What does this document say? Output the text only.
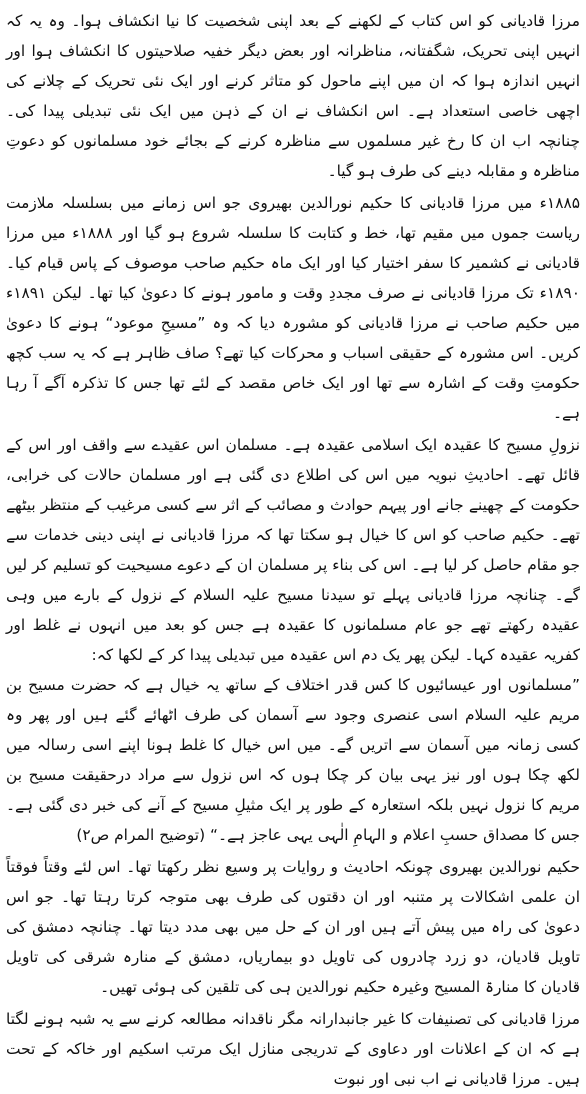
مرزا قادیانی کو اس کتاب کے لکھنے کے بعد اپنی شخصیت کا نیا انکشاف ہوا۔ وہ یہ کہ انہیں اپنی تحریک، شگفتانہ، مناظرانہ اور بعض دیگر خفیہ صلاحیتوں کا انکشاف ہوا اور انہیں اندازہ ہوا کہ ان میں اپنے ماحول کو متاثر کرنے اور ایک نئی تحریک کے چلانے کی اچھی خاصی استعداد ہے۔ اس انکشاف نے ان کے ذہن میں ایک نئی تبدیلی پیدا کی۔ چنانچہ اب ان کا رخ غیر مسلموں سے مناظرہ کرنے کے بجائے خود مسلمانوں کو دعوتِ مناظرہ و مقابلہ دینے کی طرف ہو گیا۔

۱۸۸۵ء میں مرزا قادیانی کا حکیم نورالدین بھیروی جو اس زمانے میں بسلسلہ ملازمت ریاست جموں میں مقیم تھا، خط و کتابت کا سلسلہ شروع ہو گیا اور ۱۸۸۸ء میں مرزا قادیانی نے کشمیر کا سفر اختیار کیا اور ایک ماہ حکیم صاحب موصوف کے پاس قیام کیا۔ ۱۸۹۰ء تک مرزا قادیانی نے صرف مجددِ وقت و مامور ہونے کا دعویٰ کیا تھا۔ لیکن ۱۸۹۱ء میں حکیم صاحب نے مرزا قادیانی کو مشورہ دیا کہ وہ ”مسیحِ موعود“ ہونے کا دعویٰ کریں۔ اس مشورہ کے حقیقی اسباب و محرکات کیا تھے؟ صاف ظاہر ہے کہ یہ سب کچھ حکومتِ وقت کے اشارہ سے تھا اور ایک خاص مقصد کے لئے تھا جس کا تذکرہ آگے آ رہا ہے۔

نزولِ مسیح کا عقیدہ ایک اسلامی عقیدہ ہے۔ مسلمان اس عقیدے سے واقف اور اس کے قائل تھے۔ احادیثِ نبویہ میں اس کی اطلاع دی گئی ہے اور مسلمان حالات کی خرابی، حکومت کے چھینے جانے اور پیہم حوادث و مصائب کے اثر سے کسی مرغیب کے منتظر بیٹھے تھے۔ حکیم صاحب کو اس کا خیال ہو سکتا تھا کہ مرزا قادیانی نے اپنی دینی خدمات سے جو مقام حاصل کر لیا ہے۔ اس کی بناء پر مسلمان ان کے دعوے مسیحیت کو تسلیم کر لیں گے۔ چنانچہ مرزا قادیانی پہلے تو سیدنا مسیح علیہ السلام کے نزول کے بارے میں وہی عقیدہ رکھتے تھے جو عام مسلمانوں کا عقیدہ ہے جس کو بعد میں انہوں نے غلط اور کفریہ عقیدہ کہا۔ لیکن پھر یک دم اس عقیدہ میں تبدیلی پیدا کر کے لکھا کہ:

”مسلمانوں اور عیسائیوں کا کس قدر اختلاف کے ساتھ یہ خیال ہے کہ حضرت مسیح بن مریم علیہ السلام اسی عنصری وجود سے آسمان کی طرف اٹھائے گئے ہیں اور پھر وہ کسی زمانہ میں آسمان سے اتریں گے۔ میں اس خیال کا غلط ہونا اپنے اسی رسالہ میں لکھ چکا ہوں اور نیز یہی بیان کر چکا ہوں کہ اس نزول سے مراد درحقیقت مسیح بن مریم کا نزول نہیں بلکہ استعارہ کے طور پر ایک مثیلِ مسیح کے آنے کی خبر دی گئی ہے۔ جس کا مصداق حسبِ اعلام و الہامِ الٰہی یہی عاجز ہے۔“ (توضیح المرام ص۲)

حکیم نورالدین بھیروی چونکہ احادیث و روایات پر وسیع نظر رکھتا تھا۔ اس لئے وقتاً فوقتاً ان علمی اشکالات پر متنبہ اور ان دقتوں کی طرف بھی متوجہ کرتا رہتا تھا۔ جو اس دعویٰ کی راہ میں پیش آتے ہیں اور ان کے حل میں بھی مدد دیتا تھا۔ چنانچہ دمشق کی تاویل قادیان، دو زرد چادروں کی تاویل دو بیماریاں، دمشق کے منارہ شرقی کی تاویل قادیان کا منارۃ المسیح وغیرہ حکیم نورالدین ہی کی تلقین کی ہوئی تھیں۔

مرزا قادیانی کی تصنیفات کا غیر جانبدارانہ مگر ناقدانہ مطالعہ کرنے سے یہ شبہ ہونے لگتا ہے کہ ان کے اعلانات اور دعاوی کے تدریجی منازل ایک مرتب اسکیم اور خاکہ کے تحت ہیں۔ مرزا قادیانی نے اب نبی اور نبوت
